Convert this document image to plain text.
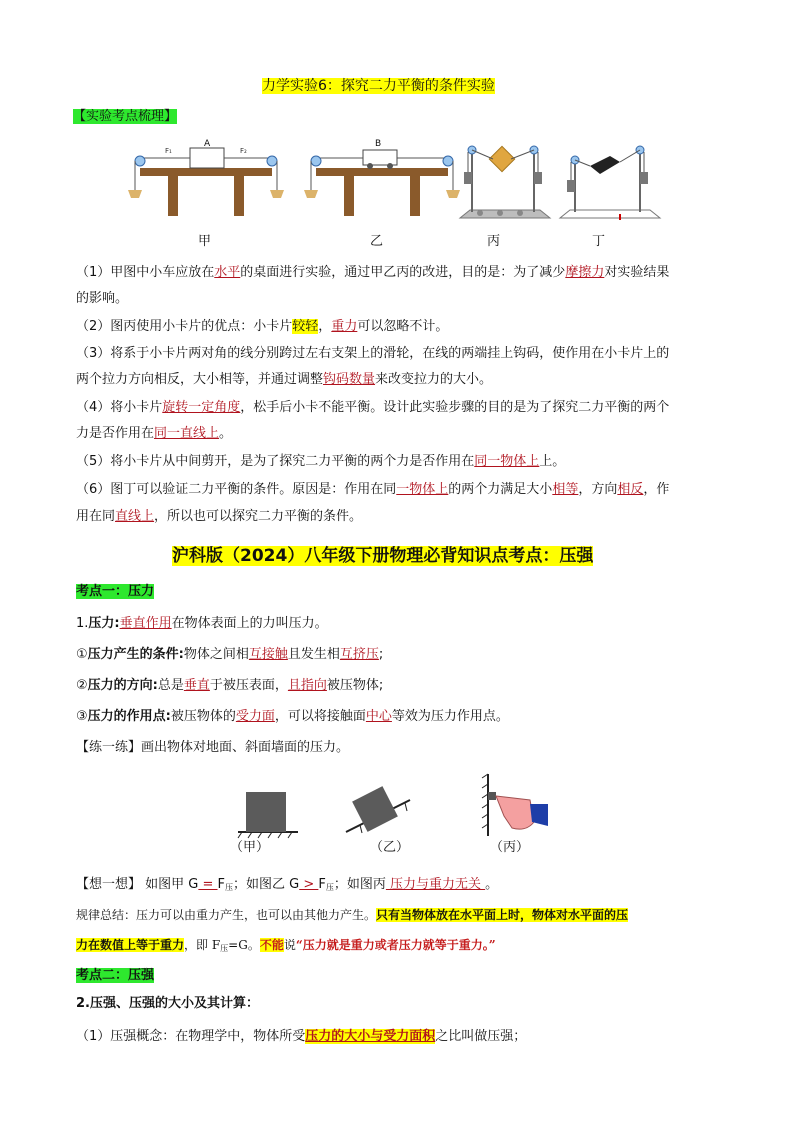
力学实验6：探究二力平衡的条件实验
【实验考点梳理】
A
F₁	F₂
B
甲	乙	丙	丁
（1）甲图中小车应放在水平的桌面进行实验，通过甲乙丙的改进，目的是：为了减少摩擦力对实验结果
的影响。
（2）图丙使用小卡片的优点：小卡片较轻，重力可以忽略不计。
（3）将系于小卡片两对角的线分别跨过左右支架上的滑轮，在线的两端挂上钩码，使作用在小卡片上的
两个拉力方向相反，大小相等，并通过调整钩码数量来改变拉力的大小。
（4）将小卡片旋转一定角度，松手后小卡不能平衡。设计此实验步骤的目的是为了探究二力平衡的两个
力是否作用在同一直线上。
（5）将小卡片从中间剪开，是为了探究二力平衡的两个力是否作用在同一物体上上。
（6）图丁可以验证二力平衡的条件。原因是：作用在同一物体上的两个力满足大小相等，方向相反，作
用在同直线上，所以也可以探究二力平衡的条件。
沪科版（2024）八年级下册物理必背知识点考点：压强
考点一：压力
1.压力:垂直作用在物体表面上的力叫压力。
①压力产生的条件:物体之间相互接触且发生相互挤压;
②压力的方向:总是垂直于被压表面，且指向被压物体;
③压力的作用点:被压物体的受力面，可以将接触面中心等效为压力作用点。
【练一练】画出物体对地面、斜面墙面的压力。
（甲）	（乙）	（丙）
【想一想】 如图甲 $G = F_压$；如图乙 $G > F_压$；如图丙 压力与重力无关 。
规律总结：压力可以由重力产生，也可以由其他力产生。只有当物体放在水平面上时，物体对水平面的压
力在数值上等于重力，即 $F_压=G$。不能说“压力就是重力或者压力就等于重力。”
考点二：压强
2.压强、压强的大小及其计算：
（1）压强概念：在物理学中，物体所受压力的大小与受力面积之比叫做压强；
